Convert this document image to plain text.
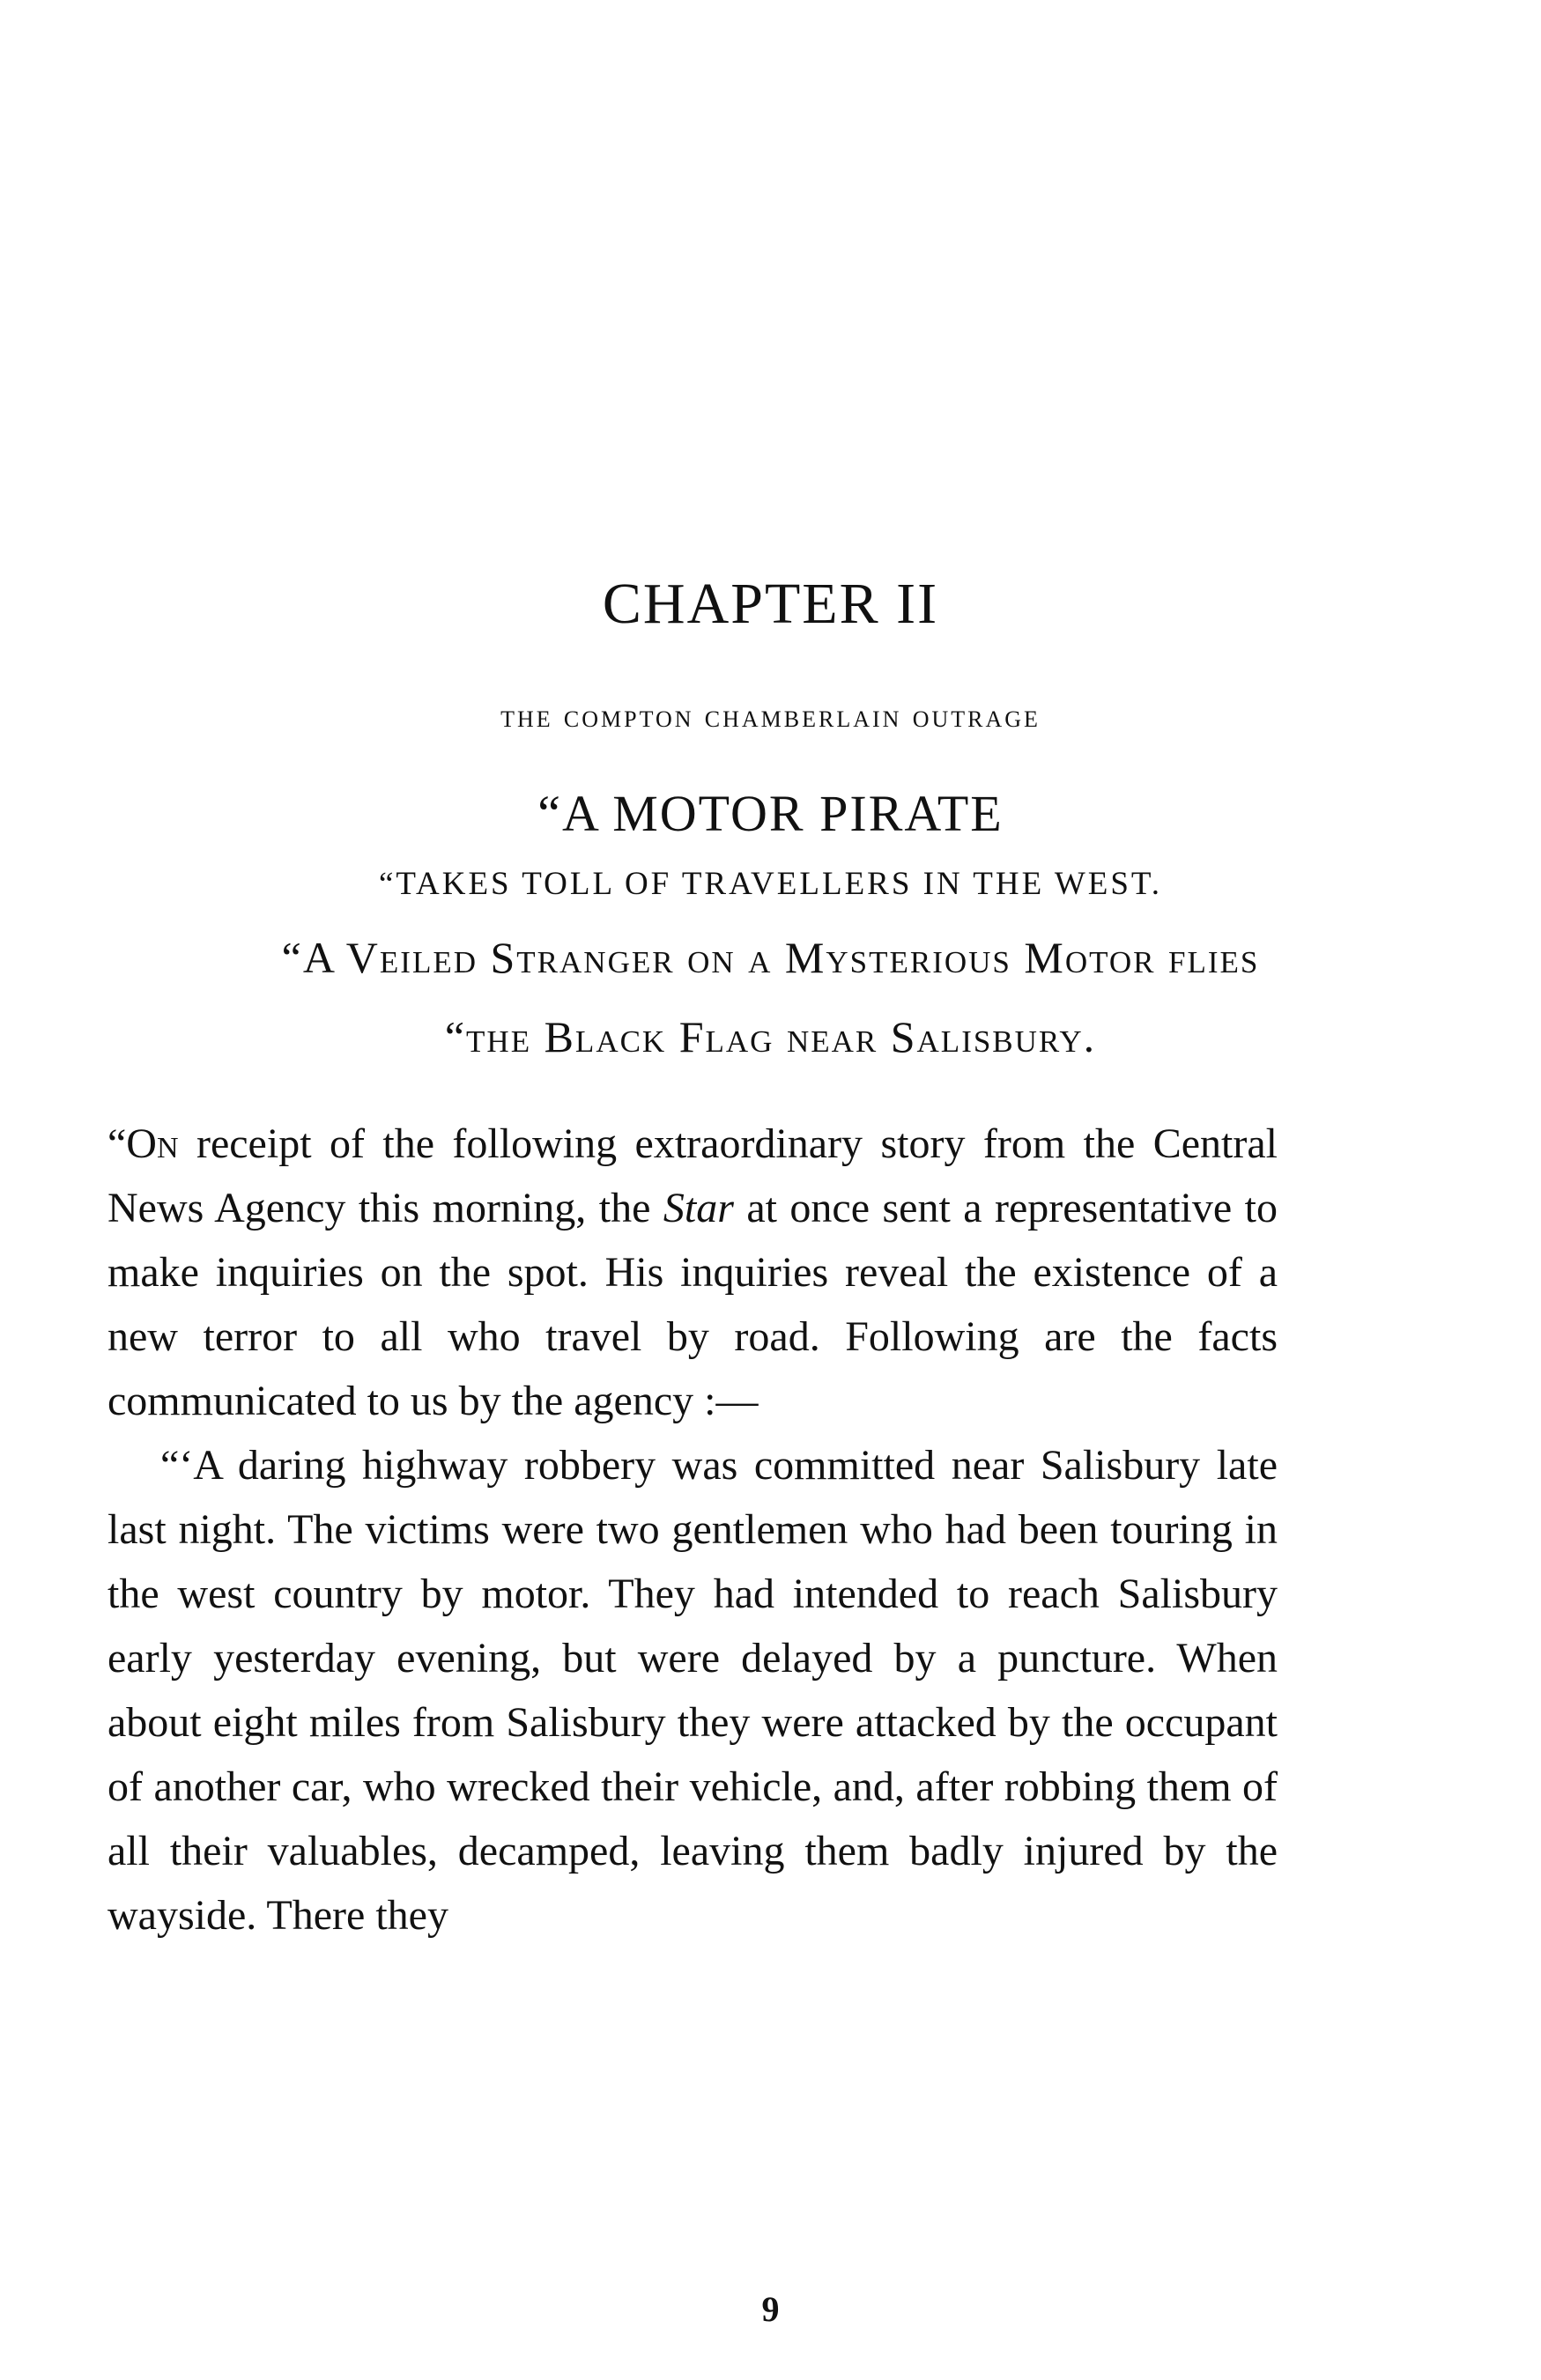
CHAPTER II
the compton chamberlain outrage
“A MOTOR PIRATE
“TAKES TOLL OF TRAVELLERS IN THE WEST.
“A Veiled Stranger on a Mysterious Motor flies
“the Black Flag near Salisbury.

“On receipt of the following extraordinary story from the Central News Agency this morning, the Star at once sent a representative to make inquiries on the spot. His inquiries reveal the existence of a new terror to all who travel by road. Following are the facts communicated to us by the agency :—

“‘A daring highway robbery was committed near Salisbury late last night. The victims were two gentlemen who had been touring in the west country by motor. They had intended to reach Salisbury early yesterday evening, but were delayed by a puncture. When about eight miles from Salisbury they were attacked by the occupant of another car, who wrecked their vehicle, and, after robbing them of all their valuables, decamped, leaving them badly injured by the wayside. There they

9
